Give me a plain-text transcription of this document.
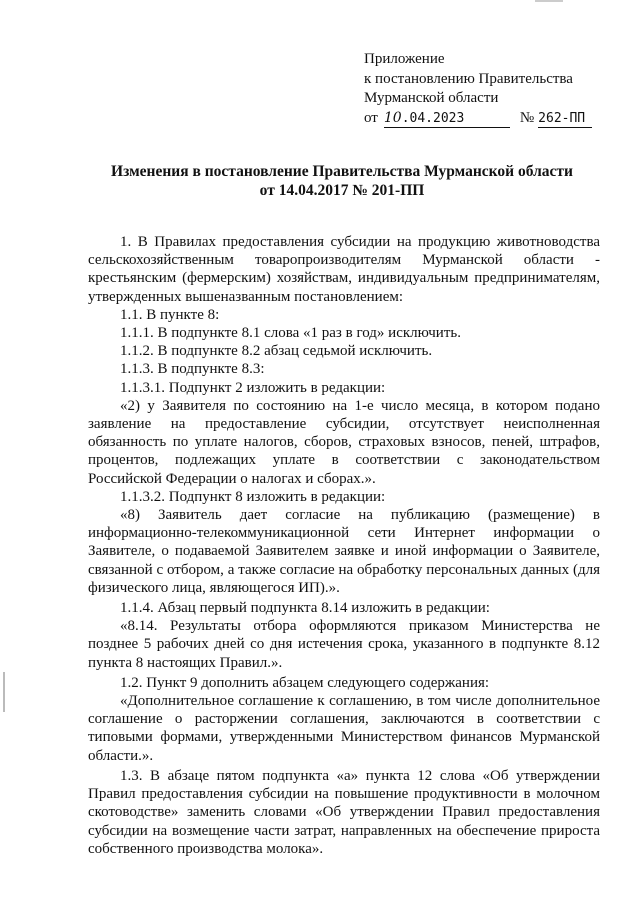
Приложение
к постановлению Правительства
Мурманской области
от 10.04.2023	№ 262-ПП
Изменения в постановление Правительства Мурманской области
от 14.04.2017 № 201-ПП

1. В Правилах предоставления субсидии на продукцию животноводства сельскохозяйственным товаропроизводителям Мурманской области - крестьянским (фермерским) хозяйствам, индивидуальным предпринимателям, утвержденных вышеназванным постановлением:

1.1. В пункте 8:

1.1.1. В подпункте 8.1 слова «1 раз в год» исключить.

1.1.2. В подпункте 8.2 абзац седьмой исключить.

1.1.3. В подпункте 8.3:

1.1.3.1. Подпункт 2 изложить в редакции:

«2) у Заявителя по состоянию на 1-е число месяца, в котором подано заявление на предоставление субсидии, отсутствует неисполненная обязанность по уплате налогов, сборов, страховых взносов, пеней, штрафов, процентов, подлежащих уплате в соответствии с законодательством Российской Федерации о налогах и сборах.».

1.1.3.2. Подпункт 8 изложить в редакции:

«8) Заявитель дает согласие на публикацию (размещение) в информационно-телекоммуникационной сети Интернет информации о Заявителе, о подаваемой Заявителем заявке и иной информации о Заявителе, связанной с отбором, а также согласие на обработку персональных данных (для физического лица, являющегося ИП).».

1.1.4. Абзац первый подпункта 8.14 изложить в редакции:

«8.14. Результаты отбора оформляются приказом Министерства не позднее 5 рабочих дней со дня истечения срока, указанного в подпункте 8.12 пункта 8 настоящих Правил.».

1.2. Пункт 9 дополнить абзацем следующего содержания:

«Дополнительное соглашение к соглашению, в том числе дополнительное соглашение о расторжении соглашения, заключаются в соответствии с типовыми формами, утвержденными Министерством финансов Мурманской области.».

1.3. В абзаце пятом подпункта «а» пункта 12 слова «Об утверждении Правил предоставления субсидии на повышение продуктивности в молочном скотоводстве» заменить словами «Об утверждении Правил предоставления субсидии на возмещение части затрат, направленных на обеспечение прироста собственного производства молока».
